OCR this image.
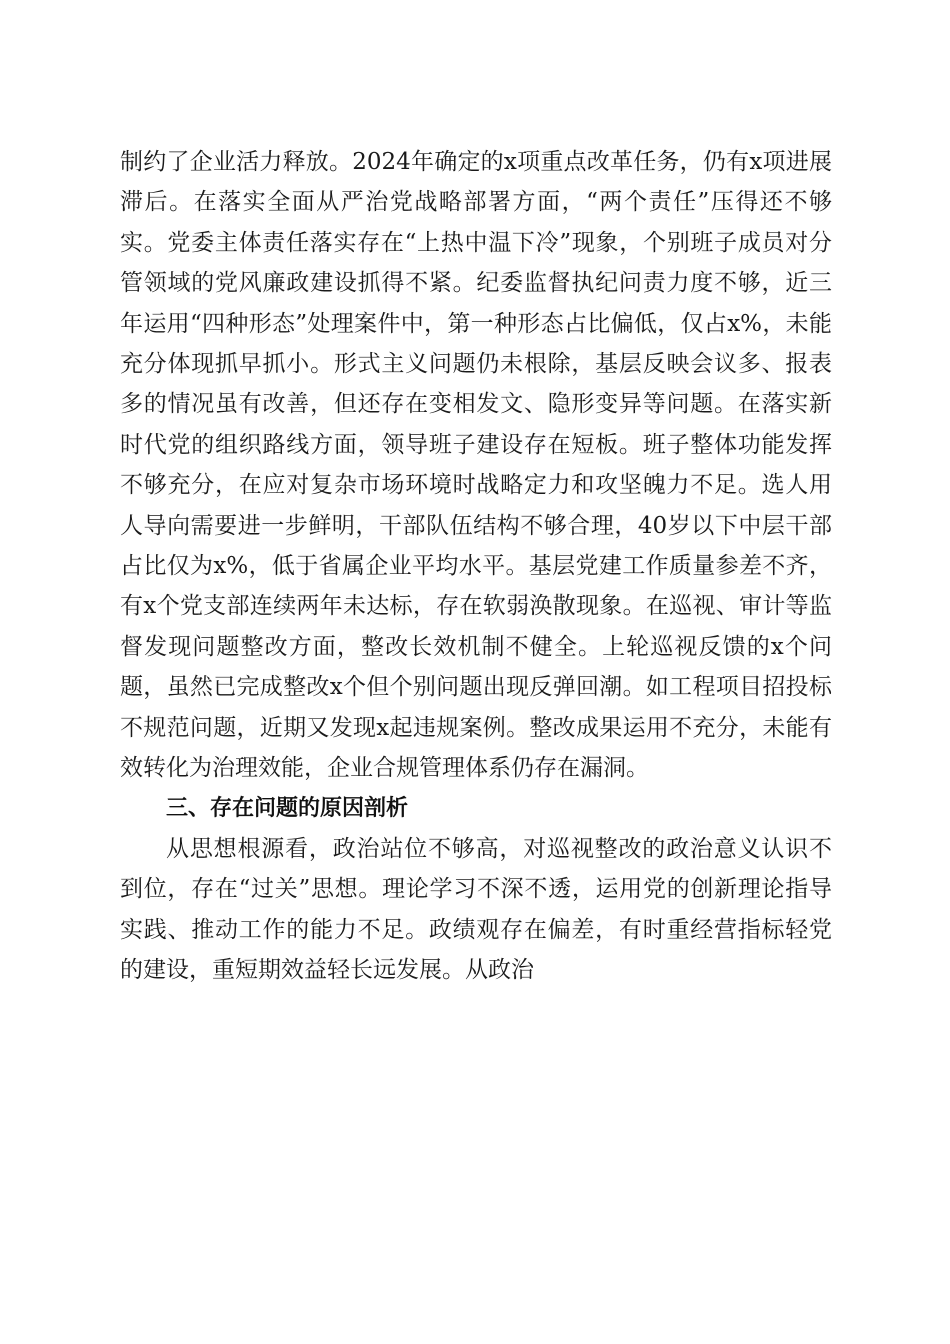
制约了企业活力释放。2024年确定的x项重点改革任务，仍有x项进展滞后。在落实全面从严治党战略部署方面，“两个责任”压得还不够实。党委主体责任落实存在“上热中温下冷”现象，个别班子成员对分管领域的党风廉政建设抓得不紧。纪委监督执纪问责力度不够，近三年运用“四种形态”处理案件中，第一种形态占比偏低，仅占x%，未能充分体现抓早抓小。形式主义问题仍未根除，基层反映会议多、报表多的情况虽有改善，但还存在变相发文、隐形变异等问题。在落实新时代党的组织路线方面，领导班子建设存在短板。班子整体功能发挥不够充分，在应对复杂市场环境时战略定力和攻坚魄力不足。选人用人导向需要进一步鲜明，干部队伍结构不够合理，40岁以下中层干部占比仅为x%，低于省属企业平均水平。基层党建工作质量参差不齐，有x个党支部连续两年未达标，存在软弱涣散现象。在巡视、审计等监督发现问题整改方面，整改长效机制不健全。上轮巡视反馈的x个问题，虽然已完成整改x个但个别问题出现反弹回潮。如工程项目招投标不规范问题，近期又发现x起违规案例。整改成果运用不充分，未能有效转化为治理效能，企业合规管理体系仍存在漏洞。

三、存在问题的原因剖析

从思想根源看，政治站位不够高，对巡视整改的政治意义认识不到位，存在“过关”思想。理论学习不深不透，运用党的创新理论指导实践、推动工作的能力不足。政绩观存在偏差，有时重经营指标轻党的建设，重短期效益轻长远发展。从政治
